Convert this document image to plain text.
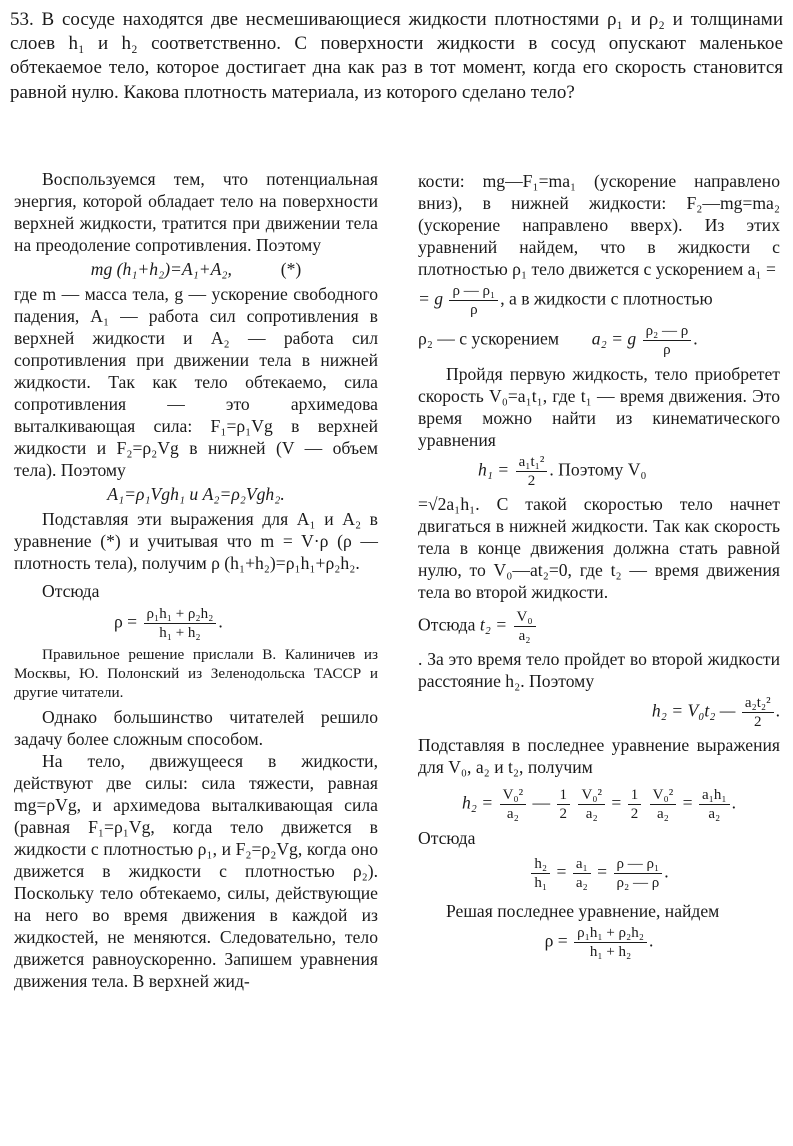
53. В сосуде находятся две несмешивающиеся жидкости плотностями ρ₁ и ρ₂ и толщинами слоев h₁ и h₂ соответственно. С поверхности жидкости в сосуд опускают маленькое обтекаемое тело, которое достигает дна как раз в тот момент, когда его скорость становится равной нулю. Какова плотность материала, из которого сделано тело?

Воспользуемся тем, что потенциальная энергия, которой обладает тело на поверхности верхней жидкости, тратится при движении тела на преодоление сопротивления. Поэтому

mg (h₁+h₂)=A₁+A₂,	(*)

где m — масса тела, g — ускорение свободного падения, A₁ — работа сил сопротивления в верхней жидкости и A₂ — работа сил сопротивления при движении тела в нижней жидкости. Так как тело обтекаемо, сила сопротивления — это архимедова выталкивающая сила: F₁=ρ₁Vg в верхней жидкости и F₂=ρ₂Vg в нижней (V — объем тела). Поэтому

A₁=ρ₁Vgh₁ и A₂=ρ₂Vgh₂.

Подставляя эти выражения для A₁ и A₂ в уравнение (*) и учитывая что m = V·ρ (ρ — плотность тела), получим ρ (h₁+h₂)=ρ₁h₁+ρ₂h₂.

Отсюда
$\rho = \frac{\text{ρ₁h₁ + ρ₂h₂}}{\text{h₁ + h₂}}$ .

Правильное решение прислали В. Калиничев из Москвы, Ю. Полонский из Зеленодольска ТАССР и другие читатели.

Однако большинство читателей решило задачу более сложным способом.

На тело, движущееся в жидкости, действуют две силы: сила тяжести, равная mg=ρVg, и архимедова выталкивающая сила (равная F₁=ρ₁Vg, когда тело движется в жидкости с плотностью ρ₁, и F₂=ρ₂Vg, когда оно движется в жидкости с плотностью ρ₂). Поскольку тело обтекаемо, силы, действующие на него во время движения в каждой из жидкостей, не меняются. Следовательно, тело движется равноускоренно. Запишем уравнения движения тела. В верхней жид-

кости: mg—F₁=ma₁ (ускорение направлено вниз), в нижней жидкости: F₂—mg=ma₂ (ускорение направлено вверх). Из этих уравнений найдем, что в жидкости с плотностью ρ₁ тело движется с ускорением a₁ =

= g $\frac{\text{ρ — ρ₁}}{\rho}$ , а в жидкости с плотностью
ρ₂ — с ускорением a₂ = g $\frac{\text{ρ₂ — ρ}}{\rho}$ .

Пройдя первую жидкость, тело приобретет скорость V₀=a₁t₁, где t₁ — время движения. Это время можно найти из кинематического уравнения

$h_1 = \frac{\text{a₁t₁²}}{2}$ . Поэтому V₀

=√2a₁h₁. С такой скоростью тело начнет двигаться в нижней жидкости. Так как скорость тела в конце движения должна стать равной нулю, то V₀—at₂=0, где t₂ — время движения тела во второй жидкости.

Отсюда $t_2 = \frac{\text{V₀}}{\text{a₂}}$

. За это время тело пройдет во второй жидкости расстояние h₂. Поэтому

h₂ = V₀t₂ — $\frac{\text{a₂t₂²}}{2}$ .

Подставляя в последнее уравнение выражения для V₀, a₂ и t₂, получим

$h_2 = \frac{\text{V₀²}}{\text{a₂}}$ — $\frac{1}{2}$
$\frac{\text{V₀²}}{\text{a₂}} = \frac{1}{2}$
$\frac{\text{V₀²}}{\text{a₂}} = \frac{\text{a₁h₁}}{\text{a₂}}$ .

Отсюда

$\frac{\text{h₂}}{\text{h₁}} = \frac{\text{a₁}}{\text{a₂}} = \frac{\text{ρ — ρ₁}}{\text{ρ₂ — ρ}}$ .

Решая последнее уравнение, найдем

$\rho = \frac{\text{ρ₁h₁ + ρ₂h₂}}{\text{h₁ + h₂}}$ .
